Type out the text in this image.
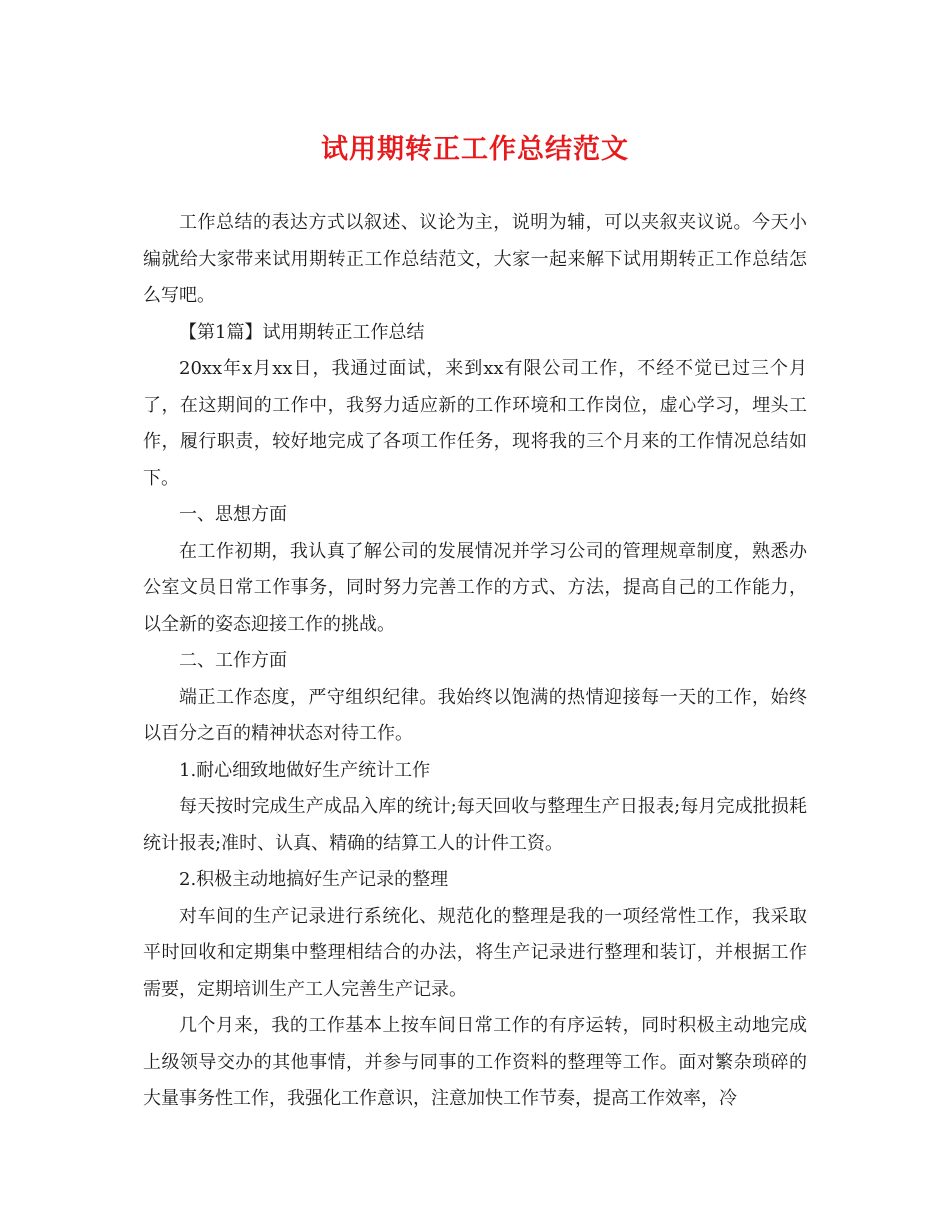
试用期转正工作总结范文

工作总结的表达方式以叙述、议论为主，说明为辅，可以夹叙夹议说。今天小编就给大家带来试用期转正工作总结范文，大家一起来解下试用期转正工作总结怎么写吧。

【第1篇】试用期转正工作总结

20xx年x月xx日，我通过面试，来到xx有限公司工作，不经不觉已过三个月了，在这期间的工作中，我努力适应新的工作环境和工作岗位，虚心学习，埋头工作，履行职责，较好地完成了各项工作任务，现将我的三个月来的工作情况总结如下。

一、思想方面

在工作初期，我认真了解公司的发展情况并学习公司的管理规章制度，熟悉办公室文员日常工作事务，同时努力完善工作的方式、方法，提高自己的工作能力，以全新的姿态迎接工作的挑战。

二、工作方面

端正工作态度，严守组织纪律。我始终以饱满的热情迎接每一天的工作，始终以百分之百的精神状态对待工作。

1.耐心细致地做好生产统计工作

每天按时完成生产成品入库的统计;每天回收与整理生产日报表;每月完成批损耗统计报表;准时、认真、精确的结算工人的计件工资。

2.积极主动地搞好生产记录的整理

对车间的生产记录进行系统化、规范化的整理是我的一项经常性工作，我采取平时回收和定期集中整理相结合的办法，将生产记录进行整理和装订，并根据工作需要，定期培训生产工人完善生产记录。

几个月来，我的工作基本上按车间日常工作的有序运转，同时积极主动地完成上级领导交办的其他事情，并参与同事的工作资料的整理等工作。面对繁杂琐碎的大量事务性工作，我强化工作意识，注意加快工作节奏，提高工作效率，冷
